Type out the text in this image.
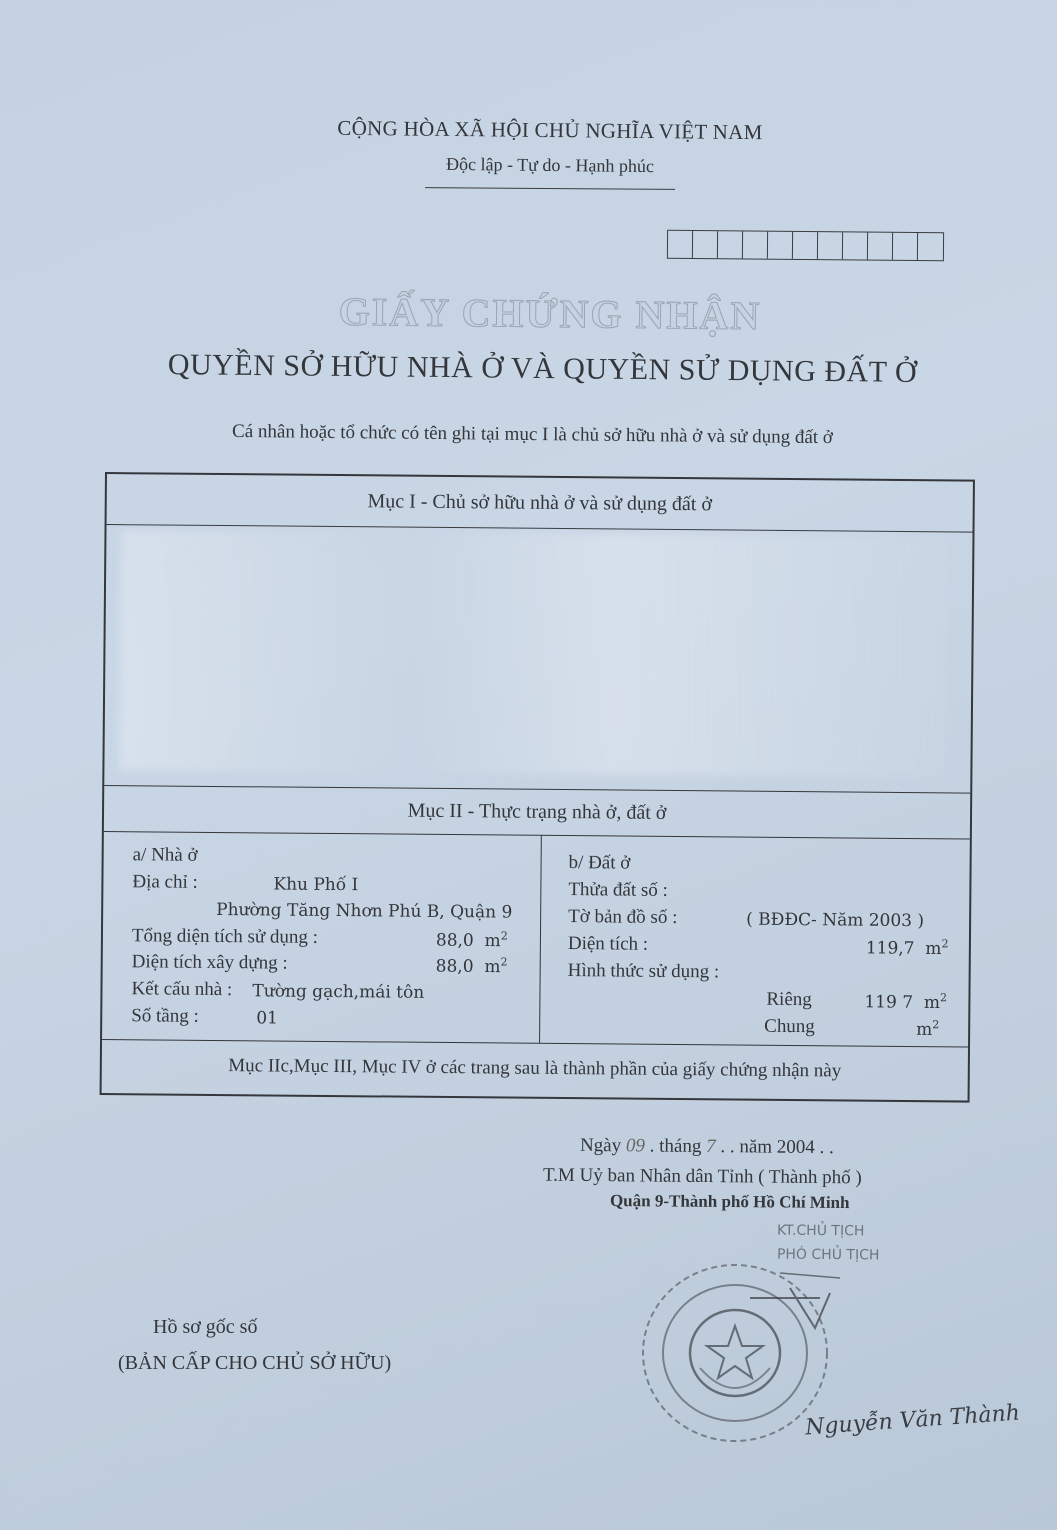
CỘNG HÒA XÃ HỘI CHỦ NGHĨA VIỆT NAM
Độc lập - Tự do - Hạnh phúc
GIẤY CHỨNG NHẬN
QUYỀN SỞ HỮU NHÀ Ở VÀ QUYỀN SỬ DỤNG ĐẤT Ở
Cá nhân hoặc tổ chức có tên ghi tại mục I là chủ sở hữu nhà ở và sử dụng đất ở
Mục I - Chủ sở hữu nhà ở và sử dụng đất ở
Mục II - Thực trạng nhà ở, đất ở
a/ Nhà ở
Địa chỉ :	Khu Phố I
Phường Tăng Nhơn Phú B, Quận 9
Tổng diện tích sử dụng :	88,0 $m^2$
Diện tích xây dựng :	88,0 $m^2$
Kết cấu nhà : Tường gạch,mái tôn
Số tầng :	01
b/ Đất ở
Thửa đất số :
Tờ bản đồ số :	( BĐĐC- Năm 2003 )
Diện tích :	119,7 $m^2$
Hình thức sử dụng :
Riêng	119 7 $m^2$
Chung	$m^2$
Mục IIc,Mục III, Mục IV ở các trang sau là thành phần của giấy chứng nhận này
Ngày 09 . tháng 7 . . năm 2004 . .
T.M Uỷ ban Nhân dân Tỉnh ( Thành phố )
Quận 9-Thành phố Hồ Chí Minh
KT.CHỦ TỊCH
PHÓ CHỦ TỊCH
Nguyễn Văn Thành
Hồ sơ gốc số
(BẢN CẤP CHO CHỦ SỞ HỮU)
